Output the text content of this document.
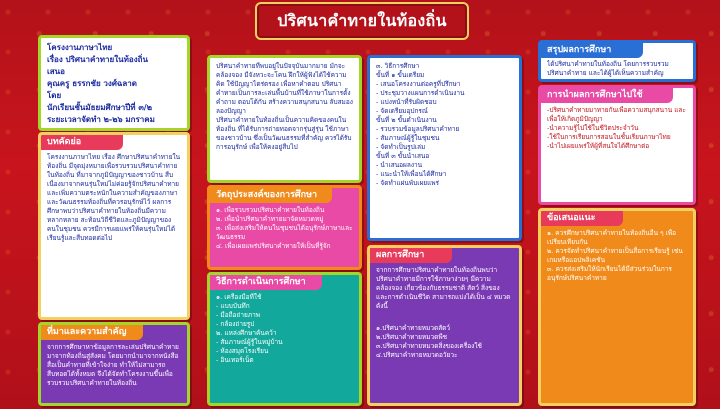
ปริศนาคำทายในท้องถิ่น
โครงงานภาษาไทย
เรื่อง ปริศนาคำทายในท้องถิ่น
เสนอ
คุณครู ธรรกชัย วงศ์ฉลาด
โดย
นักเรียนชั้นมัธยมศึกษาปีที่ ๓/๒
ระยะเวลาจัดทำ ๒-๒๖ มกราคม
บทคัดย่อ
โครงงานภาษาไทย เรื่อง ศึกษาปริศนาคำทายในท้องถิ่น มีจุดมุ่งหมายเพื่อรวบรวมปริศนาคำทายในท้องถิ่น ที่มาจากภูมิปัญญาของชาวบ้าน สืบเนื่องมาจากคนรุ่นใหม่ไม่ค่อยรู้จักปริศนาคำทาย และเพิ่มความตระหนักในความสำคัญของภาษาและวัฒนธรรมท้องถิ่นที่ควรอนุรักษ์ไว้ ผลการศึกษาพบว่าปริศนาคำทายในท้องถิ่นมีความหลากหลาย สะท้อนวิถีชีวิตและภูมิปัญญาของคนในชุมชน ควรมีการเผยแพร่ให้คนรุ่นใหม่ได้เรียนรู้และสืบทอดต่อไป
ที่มาและความสำคัญ
จากการศึกษาหาข้อมูลการละเล่นปริศนาคำทาย มาจากท้องถิ่นสู่สังคม โดยมากนำมาจากหนังสือ สื่อเป็นคำทายที่เข้าใจง่าย ทำให้ไม่สามารถสืบทอดได้ทั้งหมด จึงได้จัดทำโครงงานขึ้นเพื่อรวบรวมปริศนาคำทายในท้องถิ่น
ปริศนาคำทายที่พบอยู่ในปัจจุบันมากมาย มักจะคล้องจอง มีจังหวะจะโคน ฝึกให้ผู้ฟังได้ใช้ความคิด ใช้ปัญญาไตร่ตรอง เพื่อหาคำตอบ ปริศนาคำทายเป็นการละเล่นพื้นบ้านที่ใช้ภาษาในการตั้งคำถาม ตอบโต้กัน สร้างความสนุกสนาน ลับสมองลองปัญญา
ปริศนาคำทายในท้องถิ่นเป็นความคิดของคนในท้องถิ่น ที่ได้รับการถ่ายทอดจากรุ่นสู่รุ่น ใช้ภาษาของชาวบ้าน ซึ่งเป็นวัฒนธรรมที่สำคัญ ควรได้รับการอนุรักษ์ เพื่อให้คงอยู่สืบไป
วัตถุประสงค์ของการศึกษา
๑. เพื่อรวบรวมปริศนาคำทายในท้องถิ่น
๒. เพื่อนำปริศนาคำทายมาจัดหมวดหมู่
๓. เพื่อส่งเสริมให้คนในชุมชนได้อนุรักษ์ภาษาและวัฒนธรรม
๔. เพื่อเผยแพร่ปริศนาคำทายให้เป็นที่รู้จัก
วิธีการดำเนินการศึกษา
๑. เครื่องมือที่ใช้
- แบบบันทึก
- มือถือถ่ายภาพ
- กล้องถ่ายรูป
๒. แหล่งศึกษาค้นคว้า
- สัมภาษณ์ผู้รู้ในหมู่บ้าน
- ห้องสมุดโรงเรียน
- อินเทอร์เน็ต
๓. วิธีการศึกษา
ขั้นที่ ๑ ขั้นเตรียม
- เสนอโครงงานต่อครูที่ปรึกษา
- ประชุมวางแผนการดำเนินงาน
- แบ่งหน้าที่รับผิดชอบ
- จัดเตรียมอุปกรณ์
ขั้นที่ ๒ ขั้นดำเนินงาน
- รวบรวมข้อมูลปริศนาคำทาย
- สัมภาษณ์ผู้รู้ในชุมชน
- จัดทำเป็นรูปเล่ม
ขั้นที่ ๓ ขั้นนำเสนอ
- นำเสนอผลงาน
- แนะนำให้เพื่อนได้ศึกษา
- จัดทำแผ่นพับเผยแพร่
ผลการศึกษา
จากการศึกษาปริศนาคำทายในท้องถิ่นพบว่าปริศนาคำทายมีการใช้ภาษาง่ายๆ มีความคล้องจอง เกี่ยวข้องกับธรรมชาติ สัตว์ สิ่งของ และการดำเนินชีวิต สามารถแบ่งได้เป็น ๔ หมวด ดังนี้
๑.ปริศนาคำทายหมวดสัตว์
๒.ปริศนาคำทายหมวดพืช
๓.ปริศนาคำทายหมวดสิ่งของเครื่องใช้
๔.ปริศนาคำทายหมวดอวัยวะ
สรุปผลการศึกษา
ได้ปริศนาคำทายในท้องถิ่น โดยการรวบรวมปริศนาคำทาย และได้ผู้ได้เห็นความสำคัญ
การนำผลการศึกษาไปใช้
-ปริศนาคำทายมาทายกันเพื่อความสนุกสนาน และเพื่อให้เกิดภูมิปัญญา
-นำความรู้ไปใช้ในชีวิตประจำวัน
-ใช้ในการเรียนการสอนในชั้นเรียนภาษาไทย
-นำไปเผยแพร่ให้ผู้ที่สนใจได้ศึกษาต่อ
ข้อเสนอแนะ
๑. ควรศึกษาปริศนาคำทายในท้องถิ่นอื่น ๆ เพื่อเปรียบเทียบกัน
๒. ควรจัดทำปริศนาคำทายเป็นสื่อการเรียนรู้ เช่น เกมหรือแอปพลิเคชัน
๓. ควรส่งเสริมให้นักเรียนได้มีส่วนร่วมในการอนุรักษ์ปริศนาคำทาย
